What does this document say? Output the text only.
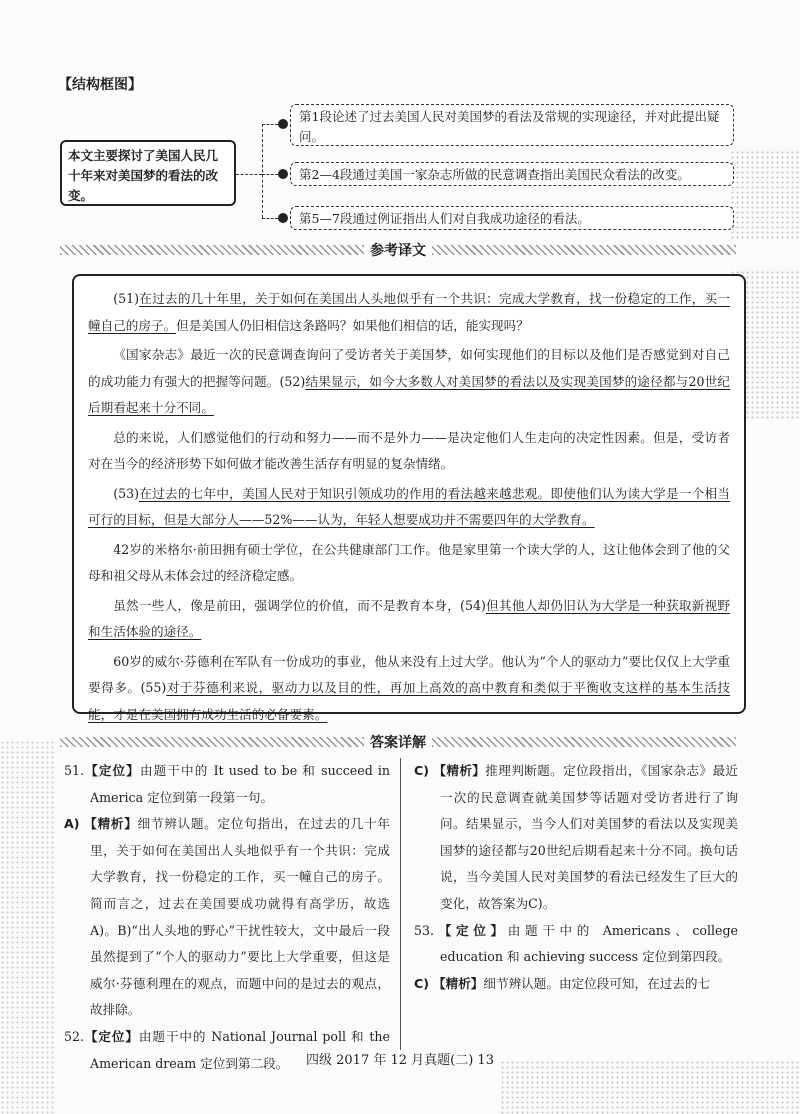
【结构框图】
本文主要探讨了美国人民几十年来对美国梦的看法的改变。
第1段论述了过去美国人民对美国梦的看法及常规的实现途径，并对此提出疑问。
第2—4段通过美国一家杂志所做的民意调查指出美国民众看法的改变。
第5—7段通过例证指出人们对自我成功途径的看法。
参考译文

(51)在过去的几十年里，关于如何在美国出人头地似乎有一个共识：完成大学教育，找一份稳定的工作，买一幢自己的房子。但是美国人仍旧相信这条路吗？如果他们相信的话，能实现吗？

《国家杂志》最近一次的民意调查询问了受访者关于美国梦，如何实现他们的目标以及他们是否感觉到对自己的成功能力有强大的把握等问题。(52)结果显示，如今大多数人对美国梦的看法以及实现美国梦的途径都与20世纪后期看起来十分不同。

总的来说，人们感觉他们的行动和努力——而不是外力——是决定他们人生走向的决定性因素。但是，受访者对在当今的经济形势下如何做才能改善生活存有明显的复杂情绪。

(53)在过去的七年中，美国人民对于知识引领成功的作用的看法越来越悲观。即使他们认为读大学是一个相当可行的目标，但是大部分人——52%——认为，年轻人想要成功并不需要四年的大学教育。

42岁的米格尔·前田拥有硕士学位，在公共健康部门工作。他是家里第一个读大学的人，这让他体会到了他的父母和祖父母从未体会过的经济稳定感。

虽然一些人，像是前田，强调学位的价值，而不是教育本身，(54)但其他人却仍旧认为大学是一种获取新视野和生活体验的途径。

60岁的威尔·芬德利在军队有一份成功的事业，他从来没有上过大学。他认为“个人的驱动力”要比仅仅上大学重要得多。(55)对于芬德利来说，驱动力以及目的性，再加上高效的高中教育和类似于平衡收支这样的基本生活技能，才是在美国拥有成功生活的必备要素。

答案详解

51.【定位】由题干中的 It used to be 和 succeed in America 定位到第一段第一句。

A) 【精析】细节辨认题。定位句指出，在过去的几十年里，关于如何在美国出人头地似乎有一个共识：完成大学教育，找一份稳定的工作，买一幢自己的房子。简而言之，过去在美国要成功就得有高学历，故选A)。B)“出人头地的野心”干扰性较大，文中最后一段虽然提到了“个人的驱动力”要比上大学重要，但这是威尔·芬德利理在的观点，而题中问的是过去的观点，故排除。

52.【定位】由题干中的 National Journal poll 和 the American dream 定位到第二段。

C) 【精析】推理判断题。定位段指出，《国家杂志》最近一次的民意调查就美国梦等话题对受访者进行了询问。结果显示，当今人们对美国梦的看法以及实现美国梦的途径都与20世纪后期看起来十分不同。换句话说，当今美国人民对美国梦的看法已经发生了巨大的变化，故答案为C)。

53.【定位】由题干中的 Americans、college education 和 achieving success 定位到第四段。

C) 【精析】细节辨认题。由定位段可知，在过去的七

四级 2017 年 12 月真题(二) 13
